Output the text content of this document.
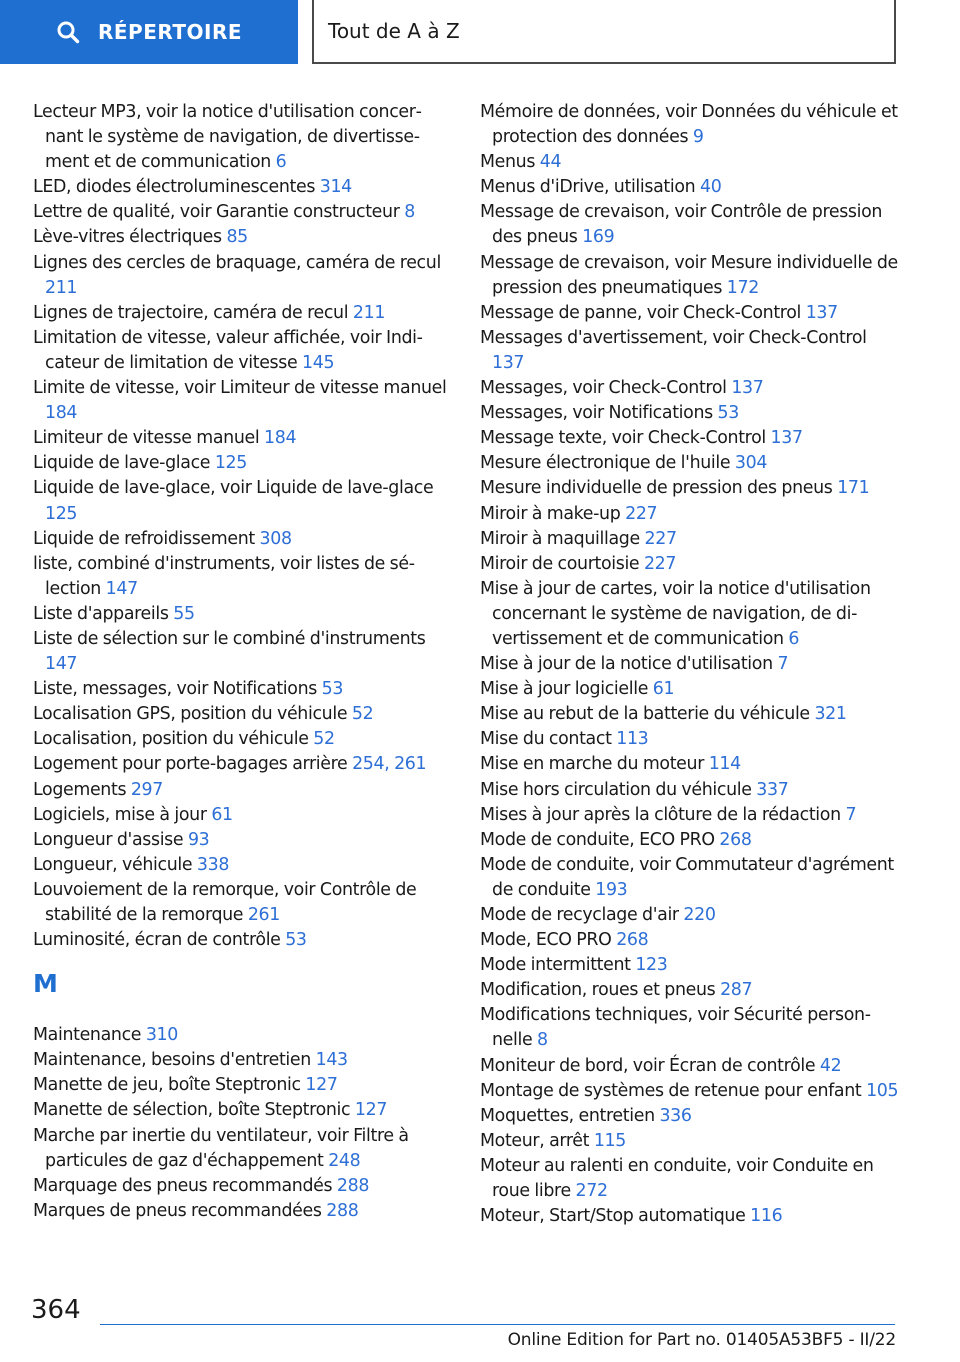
RÉPERTOIRE	Tout de A à Z

Lecteur MP3, voir la notice d'utilisation concernant le système de navigation, de divertissement et de communication 6

LED, diodes électroluminescentes 314

Lettre de qualité, voir Garantie constructeur 8

Lève-vitres électriques 85

Lignes des cercles de braquage, caméra de recul 211

Lignes de trajectoire, caméra de recul 211

Limitation de vitesse, valeur affichée, voir Indicateur de limitation de vitesse 145

Limite de vitesse, voir Limiteur de vitesse manuel 184

Limiteur de vitesse manuel 184

Liquide de lave-glace 125

Liquide de lave-glace, voir Liquide de lave-glace 125

Liquide de refroidissement 308

liste, combiné d'instruments, voir listes de sélection 147

Liste d'appareils 55

Liste de sélection sur le combiné d'instruments 147

Liste, messages, voir Notifications 53

Localisation GPS, position du véhicule 52

Localisation, position du véhicule 52

Logement pour porte-bagages arrière 254, 261

Logements 297

Logiciels, mise à jour 61

Longueur d'assise 93

Longueur, véhicule 338

Louvoiement de la remorque, voir Contrôle de stabilité de la remorque 261

Luminosité, écran de contrôle 53

M

Maintenance 310

Maintenance, besoins d'entretien 143

Manette de jeu, boîte Steptronic 127

Manette de sélection, boîte Steptronic 127

Marche par inertie du ventilateur, voir Filtre à particules de gaz d'échappement 248

Marquage des pneus recommandés 288

Marques de pneus recommandées 288

Mémoire de données, voir Données du véhicule et protection des données 9

Menus 44

Menus d'iDrive, utilisation 40

Message de crevaison, voir Contrôle de pression des pneus 169

Message de crevaison, voir Mesure individuelle de pression des pneumatiques 172

Message de panne, voir Check-Control 137

Messages d'avertissement, voir Check-Control 137

Messages, voir Check-Control 137

Messages, voir Notifications 53

Message texte, voir Check-Control 137

Mesure électronique de l'huile 304

Mesure individuelle de pression des pneus 171

Miroir à make-up 227

Miroir à maquillage 227

Miroir de courtoisie 227

Mise à jour de cartes, voir la notice d'utilisation concernant le système de navigation, de divertissement et de communication 6

Mise à jour de la notice d'utilisation 7

Mise à jour logicielle 61

Mise au rebut de la batterie du véhicule 321

Mise du contact 113

Mise en marche du moteur 114

Mise hors circulation du véhicule 337

Mises à jour après la clôture de la rédaction 7

Mode de conduite, ECO PRO 268

Mode de conduite, voir Commutateur d'agrément de conduite 193

Mode de recyclage d'air 220

Mode, ECO PRO 268

Mode intermittent 123

Modification, roues et pneus 287

Modifications techniques, voir Sécurité personnelle 8

Moniteur de bord, voir Écran de contrôle 42

Montage de systèmes de retenue pour enfant 105

Moquettes, entretien 336

Moteur, arrêt 115

Moteur au ralenti en conduite, voir Conduite en roue libre 272

Moteur, Start/Stop automatique 116

364
Online Edition for Part no. 01405A53BF5 - II/22
